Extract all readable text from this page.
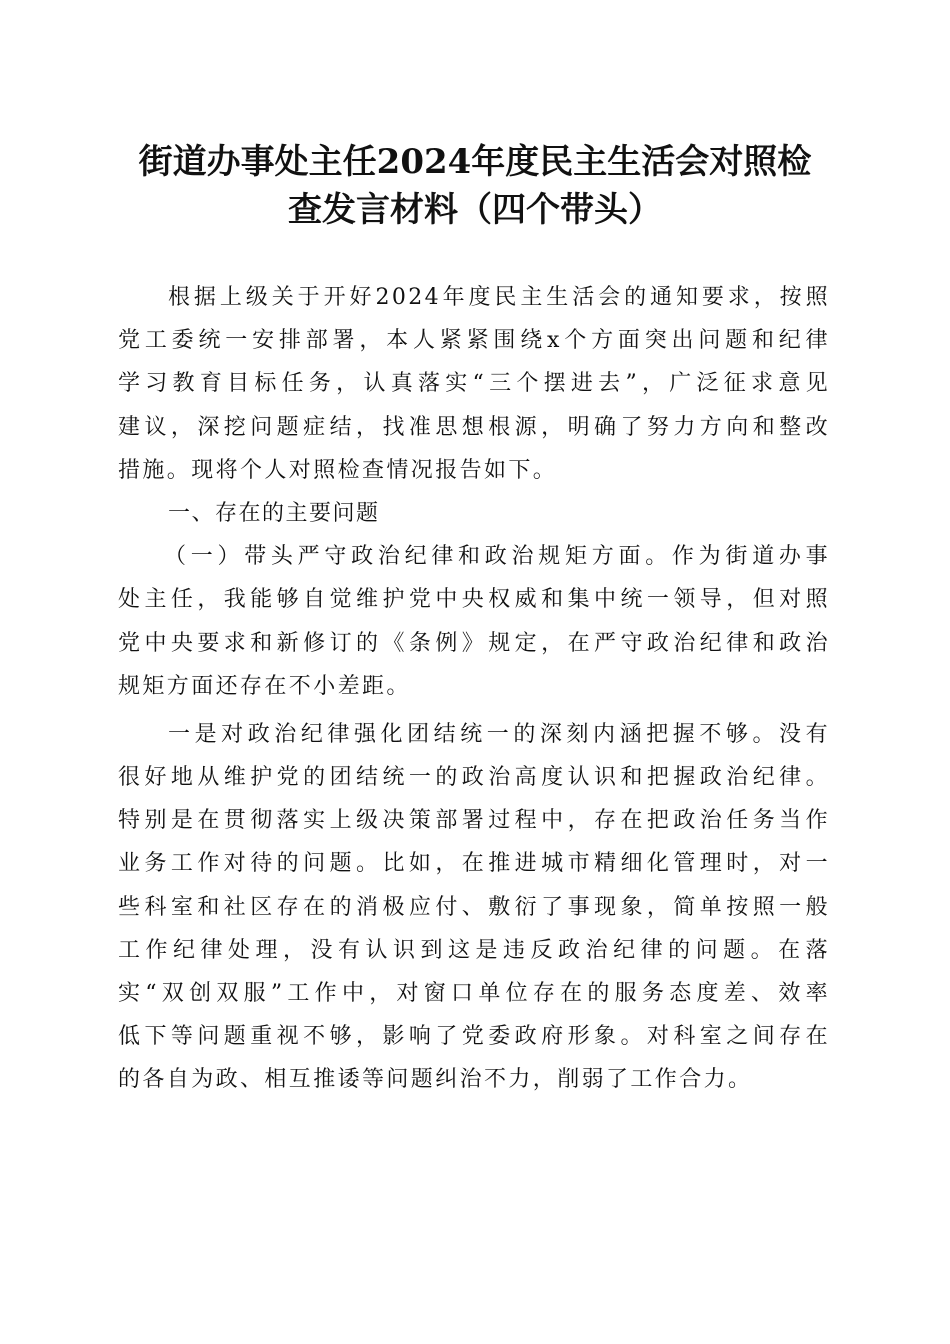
街道办事处主任2024年度民主生活会对照检
查发言材料（四个带头）
根据上级关于开好2024年度民主生活会的通知要求，按照
党工委统一安排部署，本人紧紧围绕x个方面突出问题和纪律
学习教育目标任务，认真落实“三个摆进去”，广泛征求意见
建议，深挖问题症结，找准思想根源，明确了努力方向和整改
措施。现将个人对照检查情况报告如下。
一、存在的主要问题
（一）带头严守政治纪律和政治规矩方面。作为街道办事
处主任，我能够自觉维护党中央权威和集中统一领导，但对照
党中央要求和新修订的《条例》规定，在严守政治纪律和政治
规矩方面还存在不小差距。
一是对政治纪律强化团结统一的深刻内涵把握不够。没有
很好地从维护党的团结统一的政治高度认识和把握政治纪律。
特别是在贯彻落实上级决策部署过程中，存在把政治任务当作
业务工作对待的问题。比如，在推进城市精细化管理时，对一
些科室和社区存在的消极应付、敷衍了事现象，简单按照一般
工作纪律处理，没有认识到这是违反政治纪律的问题。在落
实“双创双服”工作中，对窗口单位存在的服务态度差、效率
低下等问题重视不够，影响了党委政府形象。对科室之间存在
的各自为政、相互推诿等问题纠治不力，削弱了工作合力。
